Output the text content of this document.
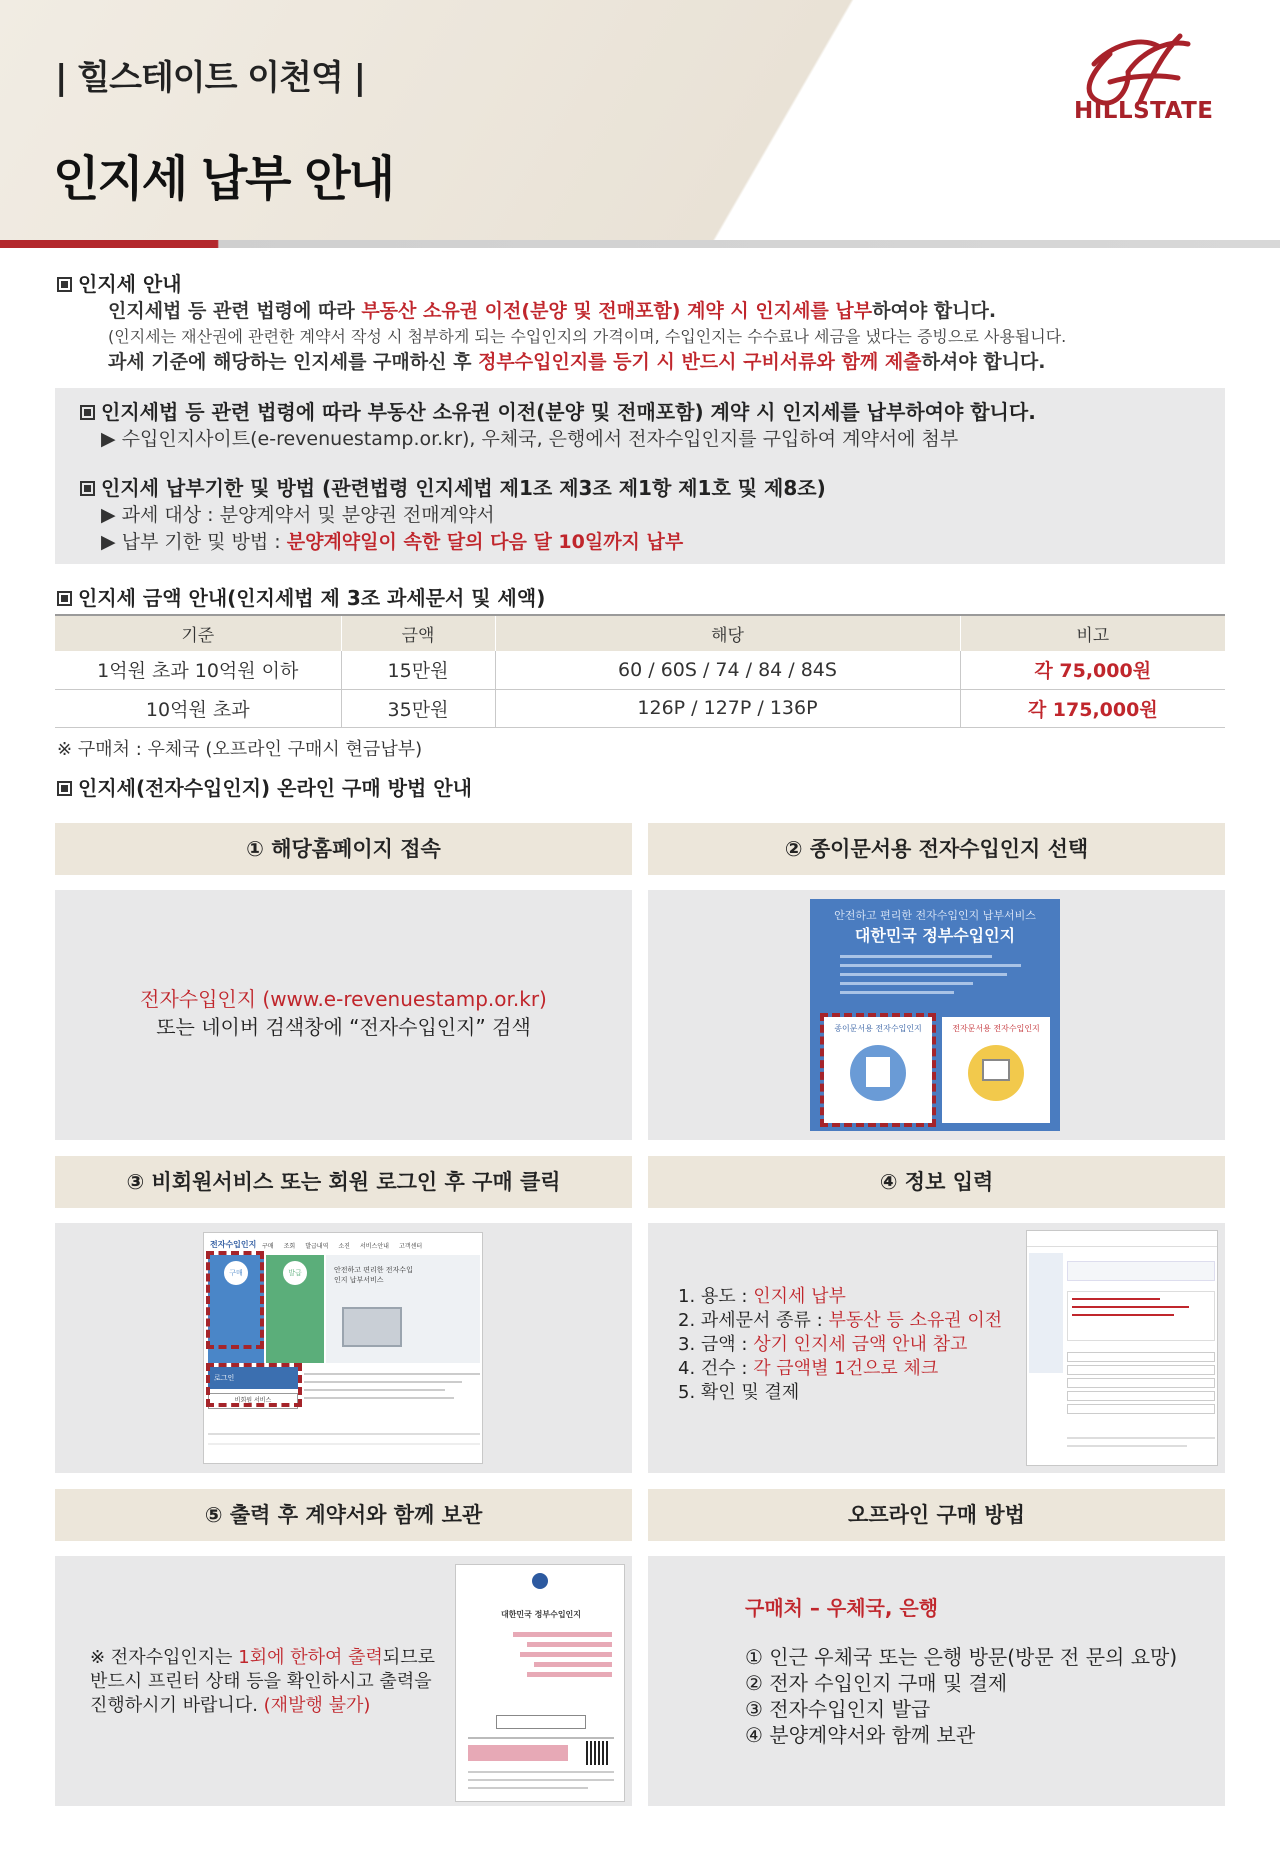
| 힐스테이트 이천역 |
인지세 납부 안내
HILLSTATE
인지세 안내
인지세법 등 관련 법령에 따라 부동산 소유권 이전(분양 및 전매포함) 계약 시 인지세를 납부하여야 합니다.
(인지세는 재산권에 관련한 계약서 작성 시 첨부하게 되는 수입인지의 가격이며, 수입인지는 수수료나 세금을 냈다는 증빙으로 사용됩니다.
과세 기준에 해당하는 인지세를 구매하신 후 정부수입인지를 등기 시 반드시 구비서류와 함께 제출하셔야 합니다.
인지세법 등 관련 법령에 따라 부동산 소유권 이전(분양 및 전매포함) 계약 시 인지세를 납부하여야 합니다.
▶ 수입인지사이트(e-revenuestamp.or.kr), 우체국, 은행에서 전자수입인지를 구입하여 계약서에 첨부
인지세 납부기한 및 방법 (관련법령 인지세법 제1조 제3조 제1항 제1호 및 제8조)
▶ 과세 대상 : 분양계약서 및 분양권 전매계약서
▶ 납부 기한 및 방법 : 분양계약일이 속한 달의 다음 달 10일까지 납부
인지세 금액 안내(인지세법 제 3조 과세문서 및 세액)
기준	금액	해당	비고
1억원 초과 10억원 이하	15만원	60 / 60S / 74 / 84 / 84S	각 75,000원
10억원 초과	35만원	126P / 127P / 136P	각 175,000원
※ 구매처 : 우체국 (오프라인 구매시 현금납부)
인지세(전자수입인지) 온라인 구매 방법 안내
① 해당홈페이지 접속
전자수입인지 (www.e-revenuestamp.or.kr)
또는 네이버 검색창에 “전자수입인지” 검색
② 종이문서용 전자수입인지 선택
안전하고 편리한 전자수입인지 납부서비스
대한민국 정부수입인지
종이문서용 전자수입인지	전자문서용 전자수입인지
③ 비회원서비스 또는 회원 로그인 후 구매 클릭
전자수입인지 구매 조회 발급내역 소진 서비스안내 고객센터
구매	발급	안전하고 편리한 전자수입인지 납부서비스
로그인
비회원 서비스
④ 정보 입력
1. 용도 : 인지세 납부
2. 과세문서 종류 : 부동산 등 소유권 이전
3. 금액 : 상기 인지세 금액 안내 참고
4. 건수 : 각 금액별 1건으로 체크
5. 확인 및 결제
⑤ 출력 후 계약서와 함께 보관
※ 전자수입인지는 1회에 한하여 출력되므로 반드시 프린터 상태 등을 확인하시고 출력을 진행하시기 바랍니다. (재발행 불가)
대한민국 정부수입인지
오프라인 구매 방법
구매처 – 우체국, 은행
① 인근 우체국 또는 은행 방문(방문 전 문의 요망)
② 전자 수입인지 구매 및 결제
③ 전자수입인지 발급
④ 분양계약서와 함께 보관
